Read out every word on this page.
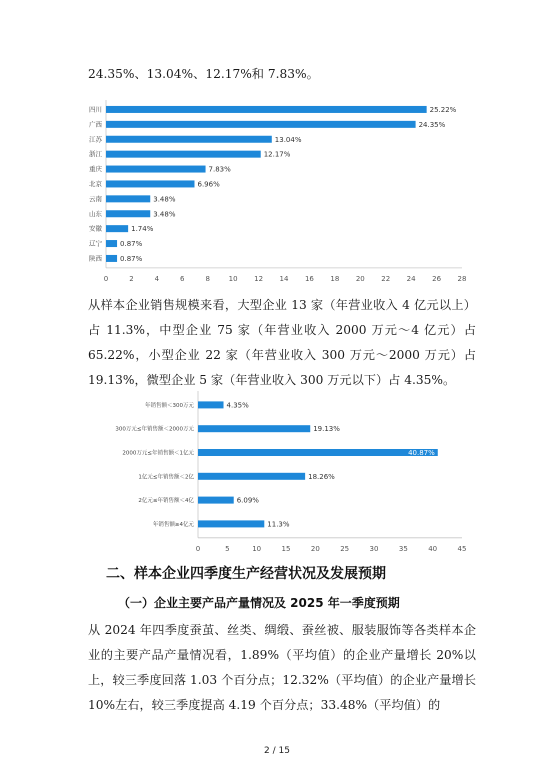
24.35%、13.04%、12.17%和 7.83%。

四川	25.22%
广西	24.35%
江苏	13.04%
浙江	12.17%
重庆	7.83%
北京	6.96%
云南	3.48%
山东	3.48%
安徽	1.74%
辽宁	0.87%
陕西	0.87%
0	2	4	6	8	10 12 14 16 18 20 22 24 26 28

从样本企业销售规模来看，大型企业 13 家（年营业收入 4 亿元以上）占 11.3%，中型企业 75 家（年营业收入 2000 万元～4 亿元）占 65.22%，小型企业 22 家（年营业收入 300 万元～2000 万元）占 19.13%，微型企业 5 家（年营业收入 300 万元以下）占 4.35%。

年销售额＜300万元	4.35%
300万元≤年销售额＜2000万元	19.13%
2000万元≤年销售额＜1亿元	40.87%
1亿元≤年销售额＜2亿	18.26%
2亿元≤年销售额＜4亿	6.09%
年销售额≥4亿元	11.3%
0	5	10	15	20	25	30	35	40	45
二、样本企业四季度生产经营状况及发展预期
（一）企业主要产品产量情况及 2025 年一季度预期

从 2024 年四季度蚕茧、丝类、绸缎、蚕丝被、服装服饰等各类样本企业的主要产品产量情况看，1.89%（平均值）的企业产量增长 20%以上，较三季度回落 1.03 个百分点；12.32%（平均值）的企业产量增长 10%左右，较三季度提高 4.19 个百分点；33.48%（平均值）的

2 / 15
